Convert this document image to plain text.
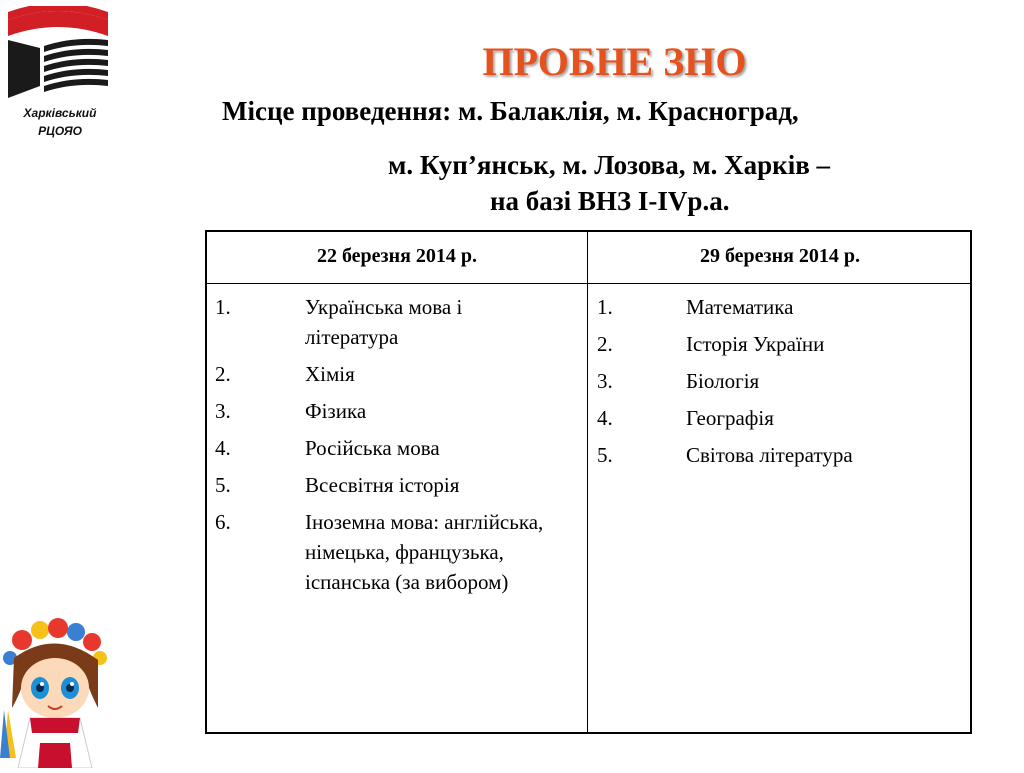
Харківський
РЦОЯО
ПРОБНЕ ЗНО
Місце проведення: м. Балаклія, м. Красноград,
м. Куп’янськ, м. Лозова, м. Харків –
на базі ВНЗ І-ІVр.а.
22 березня 2014 р.	29 березня 2014 р.
1.	Українська мова і література
2.	Хімія
3.	Фізика
4.	Російська мова
5.	Всесвітня історія
6.	Іноземна мова: англійська, німецька, французька, іспанська (за вибором)
1.	Математика
2.	Історія України
3.	Біологія
4.	Географія
5.	Світова література
